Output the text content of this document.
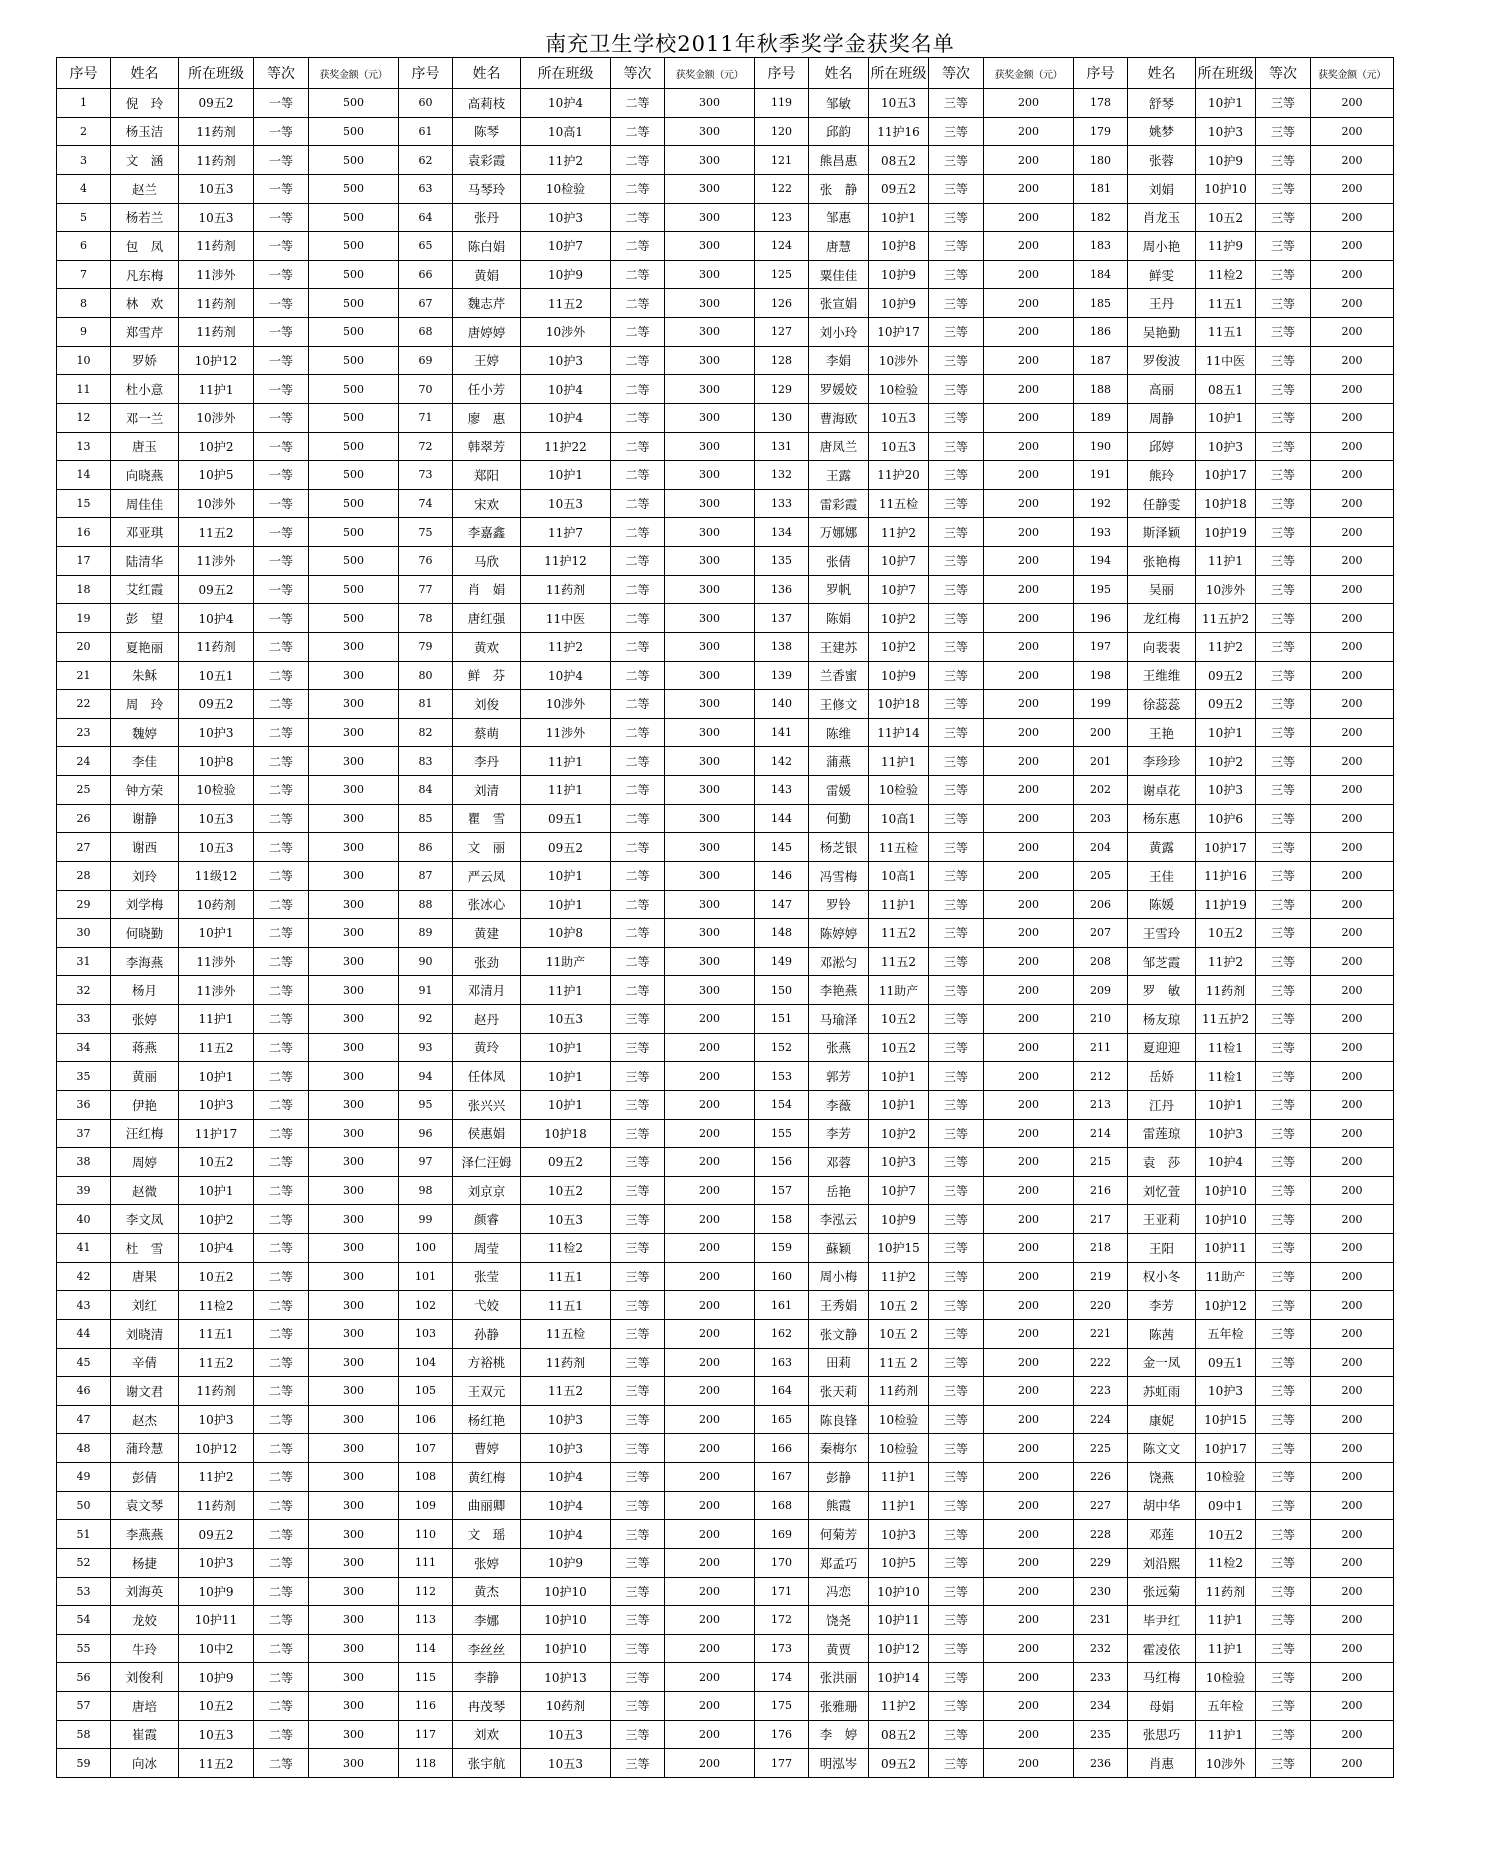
南充卫生学校2011年秋季奖学金获奖名单
序号	姓名	所在班级	等次	获奖金额（元）	序号	姓名	所在班级	等次	获奖金额（元）	序号	姓名	所在班级	等次	获奖金额（元）	序号	姓名	所在班级	等次	获奖金额（元）
1	倪　玲	09五2	一等	500	60	高莉枝	10护4	二等	300	119	邹敏	10五3	三等	200	178	舒琴	10护1	三等	200
2	杨玉洁	11药剂	一等	500	61	陈琴	10高1	二等	300	120	邱韵	11护16	三等	200	179	姚梦	10护3	三等	200
3	文　涵	11药剂	一等	500	62	袁彩霞	11护2	二等	300	121	熊昌惠	08五2	三等	200	180	张蓉	10护9	三等	200
4	赵兰	10五3	一等	500	63	马琴玲	10检验	二等	300	122	张　静	09五2	三等	200	181	刘娟	10护10	三等	200
5	杨若兰	10五3	一等	500	64	张丹	10护3	二等	300	123	邹惠	10护1	三等	200	182	肖龙玉	10五2	三等	200
6	包　凤	11药剂	一等	500	65	陈白娟	10护7	二等	300	124	唐慧	10护8	三等	200	183	周小艳	11护9	三等	200
7	凡东梅	11涉外	一等	500	66	黄娟	10护9	二等	300	125	粟佳佳	10护9	三等	200	184	鲜雯	11检2	三等	200
8	林　欢	11药剂	一等	500	67	魏志芹	11五2	二等	300	126	张宣娟	10护9	三等	200	185	王丹	11五1	三等	200
9	郑雪芹	11药剂	一等	500	68	唐婷婷	10涉外	二等	300	127	刘小玲	10护17	三等	200	186	吴艳勤	11五1	三等	200
10	罗娇	10护12	一等	500	69	王婷	10护3	二等	300	128	李娟	10涉外	三等	200	187	罗俊波	11中医	三等	200
11	杜小意	11护1	一等	500	70	任小芳	10护4	二等	300	129	罗媛姣	10检验	三等	200	188	高丽	08五1	三等	200
12	邓一兰	10涉外	一等	500	71	廖　惠	10护4	二等	300	130	曹海欧	10五3	三等	200	189	周静	10护1	三等	200
13	唐玉	10护2	一等	500	72	韩翠芳	11护22	二等	300	131	唐凤兰	10五3	三等	200	190	邱婷	10护3	三等	200
14	向晓燕	10护5	一等	500	73	郑阳	10护1	二等	300	132	王露	11护20	三等	200	191	熊玲	10护17	三等	200
15	周佳佳	10涉外	一等	500	74	宋欢	10五3	二等	300	133	雷彩霞	11五检	三等	200	192	任静雯	10护18	三等	200
16	邓亚琪	11五2	一等	500	75	李嘉鑫	11护7	二等	300	134	万娜娜	11护2	三等	200	193	斯泽颖	10护19	三等	200
17	陆清华	11涉外	一等	500	76	马欣	11护12	二等	300	135	张倩	10护7	三等	200	194	张艳梅	11护1	三等	200
18	艾红霞	09五2	一等	500	77	肖　娟	11药剂	二等	300	136	罗帆	10护7	三等	200	195	吴丽	10涉外	三等	200
19	彭　望	10护4	一等	500	78	唐红强	11中医	二等	300	137	陈娟	10护2	三等	200	196	龙红梅	11五护2	三等	200
20	夏艳丽	11药剂	二等	300	79	黄欢	11护2	二等	300	138	王建苏	10护2	三等	200	197	向裴裴	11护2	三等	200
21	朱稣	10五1	二等	300	80	鲜　芬	10护4	二等	300	139	兰香蜜	10护9	三等	200	198	王维维	09五2	三等	200
22	周　玲	09五2	二等	300	81	刘俊	10涉外	二等	300	140	王修文	10护18	三等	200	199	徐蕊蕊	09五2	三等	200
23	魏婷	10护3	二等	300	82	蔡萌	11涉外	二等	300	141	陈维	11护14	三等	200	200	王艳	10护1	三等	200
24	李佳	10护8	二等	300	83	李丹	11护1	二等	300	142	蒲燕	11护1	三等	200	201	李珍珍	10护2	三等	200
25	钟方荣	10检验	二等	300	84	刘清	11护1	二等	300	143	雷媛	10检验	三等	200	202	谢卓花	10护3	三等	200
26	谢静	10五3	二等	300	85	瞿　雪	09五1	二等	300	144	何勤	10高1	三等	200	203	杨东惠	10护6	三等	200
27	谢西	10五3	二等	300	86	文　丽	09五2	二等	300	145	杨芝银	11五检	三等	200	204	黄露	10护17	三等	200
28	刘玲	11级12	二等	300	87	严云凤	10护1	二等	300	146	冯雪梅	10高1	三等	200	205	王佳	11护16	三等	200
29	刘学梅	10药剂	二等	300	88	张冰心	10护1	二等	300	147	罗铃	11护1	三等	200	206	陈媛	11护19	三等	200
30	何晓勤	10护1	二等	300	89	黄建	10护8	二等	300	148	陈婷婷	11五2	三等	200	207	王雪玲	10五2	三等	200
31	李海燕	11涉外	二等	300	90	张劲	11助产	二等	300	149	邓淞匀	11五2	三等	200	208	邹芝霞	11护2	三等	200
32	杨月	11涉外	二等	300	91	邓清月	11护1	二等	300	150	李艳燕	11助产	三等	200	209	罗　敏	11药剂	三等	200
33	张婷	11护1	二等	300	92	赵丹	10五3	三等	200	151	马瑜泽	10五2	三等	200	210	杨友琼	11五护2	三等	200
34	蒋燕	11五2	二等	300	93	黄玲	10护1	三等	200	152	张燕	10五2	三等	200	211	夏迎迎	11检1	三等	200
35	黄丽	10护1	二等	300	94	任体凤	10护1	三等	200	153	郭芳	10护1	三等	200	212	岳娇	11检1	三等	200
36	伊艳	10护3	二等	300	95	张兴兴	10护1	三等	200	154	李薇	10护1	三等	200	213	江丹	10护1	三等	200
37	汪红梅	11护17	二等	300	96	侯惠娟	10护18	三等	200	155	李芳	10护2	三等	200	214	雷莲琼	10护3	三等	200
38	周婷	10五2	二等	300	97	泽仁汪姆	09五2	三等	200	156	邓蓉	10护3	三等	200	215	袁　莎	10护4	三等	200
39	赵微	10护1	二等	300	98	刘京京	10五2	三等	200	157	岳艳	10护7	三等	200	216	刘忆萱	10护10	三等	200
40	李文凤	10护2	二等	300	99	颜睿	10五3	三等	200	158	李泓云	10护9	三等	200	217	王亚莉	10护10	三等	200
41	杜　雪	10护4	二等	300	100	周莹	11检2	三等	200	159	蘇颖	10护15	三等	200	218	王阳	10护11	三等	200
42	唐果	10五2	二等	300	101	张莹	11五1	三等	200	160	周小梅	11护2	三等	200	219	权小冬	11助产	三等	200
43	刘红	11检2	二等	300	102	弋姣	11五1	三等	200	161	王秀娟	10五 2	三等	200	220	李芳	10护12	三等	200
44	刘晓清	11五1	二等	300	103	孙静	11五检	三等	200	162	张文静	10五 2	三等	200	221	陈茜	五年检	三等	200
45	辛倩	11五2	二等	300	104	方裕桃	11药剂	三等	200	163	田莉	11五 2	三等	200	222	金一凤	09五1	三等	200
46	谢文君	11药剂	二等	300	105	王双元	11五2	三等	200	164	张天莉	11药剂	三等	200	223	苏虹雨	10护3	三等	200
47	赵杰	10护3	二等	300	106	杨红艳	10护3	三等	200	165	陈良锋	10检验	三等	200	224	康妮	10护15	三等	200
48	蒲玲慧	10护12	二等	300	107	曹婷	10护3	三等	200	166	秦梅尔	10检验	三等	200	225	陈文文	10护17	三等	200
49	彭倩	11护2	二等	300	108	黄红梅	10护4	三等	200	167	彭静	11护1	三等	200	226	饶燕	10检验	三等	200
50	袁文琴	11药剂	二等	300	109	曲丽卿	10护4	三等	200	168	熊霞	11护1	三等	200	227	胡中华	09中1	三等	200
51	李燕燕	09五2	二等	300	110	文　瑶	10护4	三等	200	169	何菊芳	10护3	三等	200	228	邓莲	10五2	三等	200
52	杨捷	10护3	二等	300	111	张婷	10护9	三等	200	170	郑孟巧	10护5	三等	200	229	刘沿熙	11检2	三等	200
53	刘海英	10护9	二等	300	112	黄杰	10护10	三等	200	171	冯恋	10护10	三等	200	230	张远菊	11药剂	三等	200
54	龙姣	10护11	二等	300	113	李娜	10护10	三等	200	172	饶尧	10护11	三等	200	231	毕尹红	11护1	三等	200
55	牛玲	10中2	二等	300	114	李丝丝	10护10	三等	200	173	黄贾	10护12	三等	200	232	霍凌依	11护1	三等	200
56	刘俊利	10护9	二等	300	115	李静	10护13	三等	200	174	张洪丽	10护14	三等	200	233	马红梅	10检验	三等	200
57	唐培	10五2	二等	300	116	冉茂琴	10药剂	三等	200	175	张雅珊	11护2	三等	200	234	母娟	五年检	三等	200
58	崔霞	10五3	二等	300	117	刘欢	10五3	三等	200	176	李　婷	08五2	三等	200	235	张思巧	11护1	三等	200
59	向冰	11五2	二等	300	118	张宇航	10五3	三等	200	177	明泓岑	09五2	三等	200	236	肖惠	10涉外	三等	200
